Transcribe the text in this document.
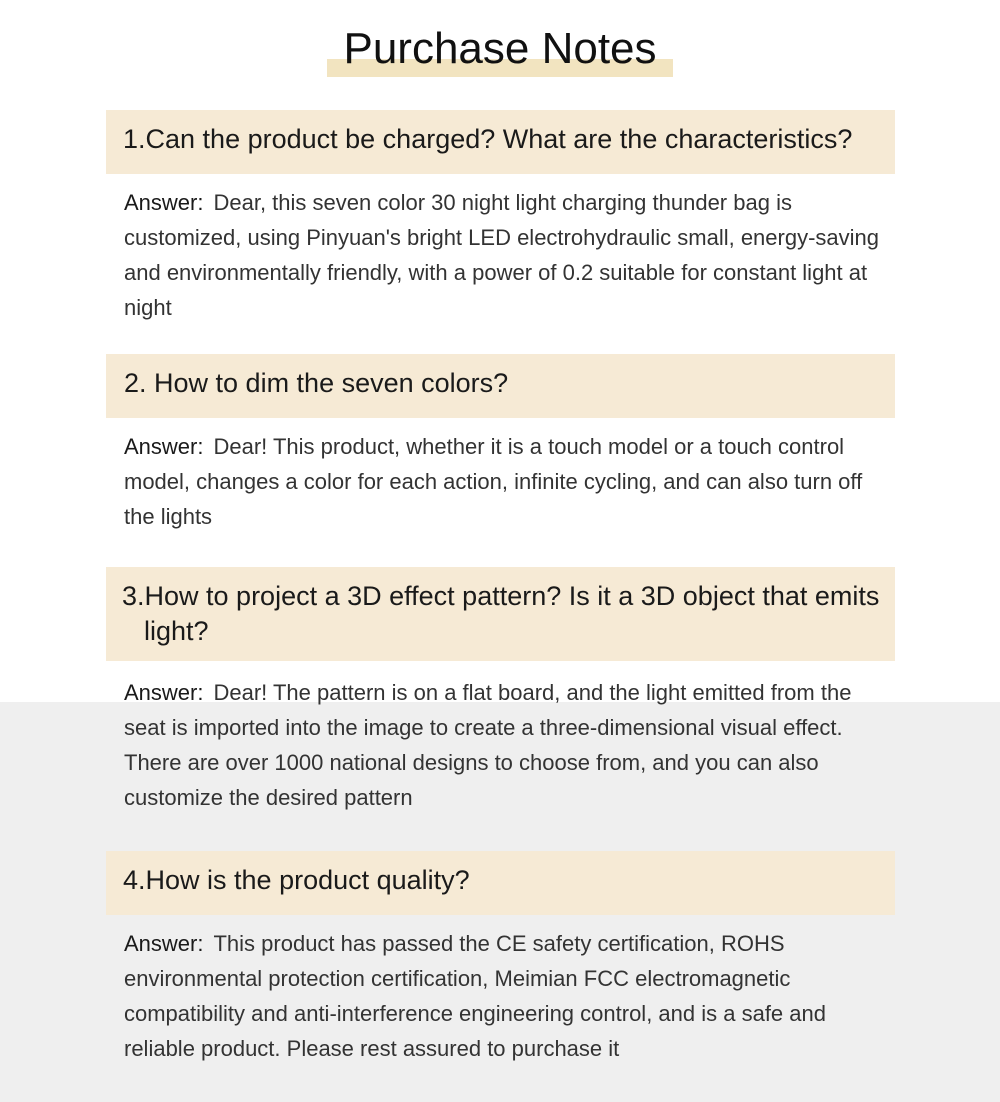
Purchase Notes
1.Can the product be charged? What are the characteristics?
Answer: Dear, this seven color 30 night light charging thunder bag is customized, using Pinyuan's bright LED electrohydraulic small, energy-saving and environmentally friendly, with a power of 0.2 suitable for constant light at night
2. How to dim the seven colors?
Answer: Dear! This product, whether it is a touch model or a touch control model, changes a color for each action, infinite cycling, and can also turn off the lights
3.How to project a 3D effect pattern? Is it a 3D object that emits light?
Answer: Dear! The pattern is on a flat board, and the light emitted from the seat is imported into the image to create a three-dimensional visual effect. There are over 1000 national designs to choose from, and you can also customize the desired pattern
4.How is the product quality?
Answer: This product has passed the CE safety certification, ROHS environmental protection certification, Meimian FCC electromagnetic compatibility and anti-interference engineering control, and is a safe and reliable product. Please rest assured to purchase it
